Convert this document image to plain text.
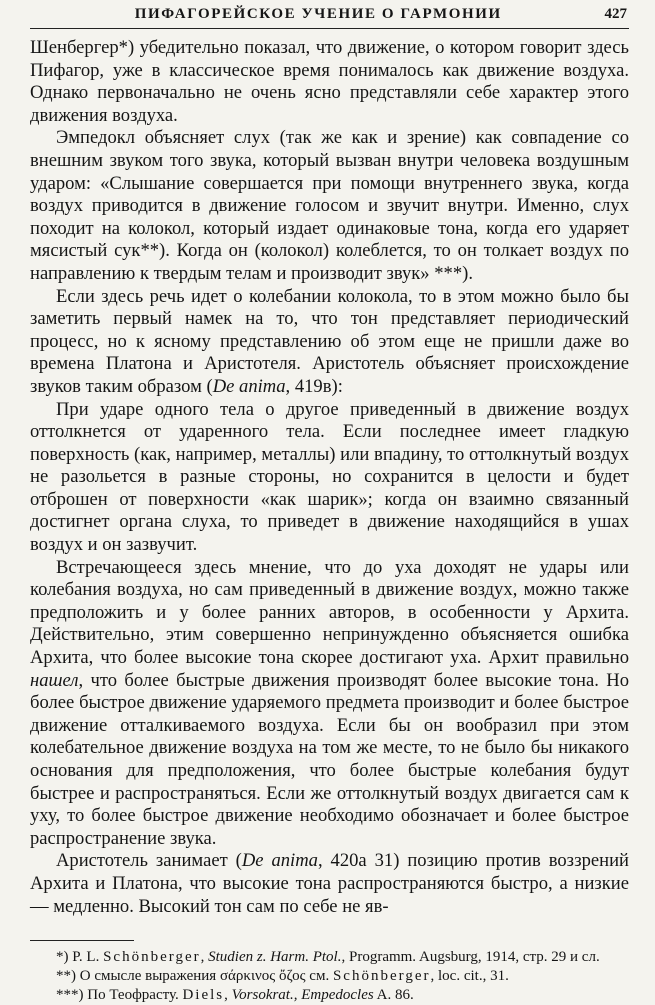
ПИФАГОРЕЙСКОЕ УЧЕНИЕ О ГАРМОНИИ	427

Шенбергер*) убедительно показал, что движение, о котором говорит здесь Пифагор, уже в классическое время понималось как движение воздуха. Однако первоначально не очень ясно представляли себе характер этого движения воздуха.

Эмпедокл объясняет слух (так же как и зрение) как совпадение со внешним звуком того звука, который вызван внутри человека воздушным ударом: «Слышание совершается при помощи внутреннего звука, когда воздух приводится в движение голосом и звучит внутри. Именно, слух походит на колокол, который издает одинаковые тона, когда его ударяет мясистый сук**). Когда он (колокол) колеблется, то он толкает воздух по направлению к твердым телам и производит звук» ***).

Если здесь речь идет о колебании колокола, то в этом можно было бы заметить первый намек на то, что тон представляет периодический процесс, но к ясному представлению об этом еще не пришли даже во времена Платона и Аристотеля. Аристотель объясняет происхождение звуков таким образом (De anima, 419в):

При ударе одного тела о другое приведенный в движение воздух оттолкнется от ударенного тела. Если последнее имеет гладкую поверхность (как, например, металлы) или впадину, то оттолкнутый воздух не разольется в разные стороны, но сохранится в целости и будет отброшен от поверхности «как шарик»; когда он взаимно связанный достигнет органа слуха, то приведет в движение находящийся в ушах воздух и он зазвучит.

Встречающееся здесь мнение, что до уха доходят не удары или колебания воздуха, но сам приведенный в движение воздух, можно также предположить и у более ранних авторов, в особенности у Архита. Действительно, этим совершенно непринужденно объясняется ошибка Архита, что более высокие тона скорее достигают уха. Архит правильно нашел, что более быстрые движения производят более высокие тона. Но более быстрое движение ударяемого предмета производит и более быстрое движение отталкиваемого воздуха. Если бы он вообразил при этом колебательное движение воздуха на том же месте, то не было бы никакого основания для предположения, что более быстрые колебания будут быстрее и распространяться. Если же оттолкнутый воздух двигается сам к уху, то более быстрое движение необходимо обозначает и более быстрое распространение звука.

Аристотель занимает (De anima, 420а 31) позицию против воззрений Архита и Платона, что высокие тона распространяются быстро, а низкие — медленно. Высокий тон сам по себе не яв-

*) P. L. Schönberger, Studien z. Harm. Ptol., Programm. Augsburg, 1914, стр. 29 и сл.
**) О смысле выражения σάρκινος ὄζος см. Schönberger, loc. cit., 31.
***) По Теофрасту. Diels, Vorsokrat., Empedocles A. 86.
